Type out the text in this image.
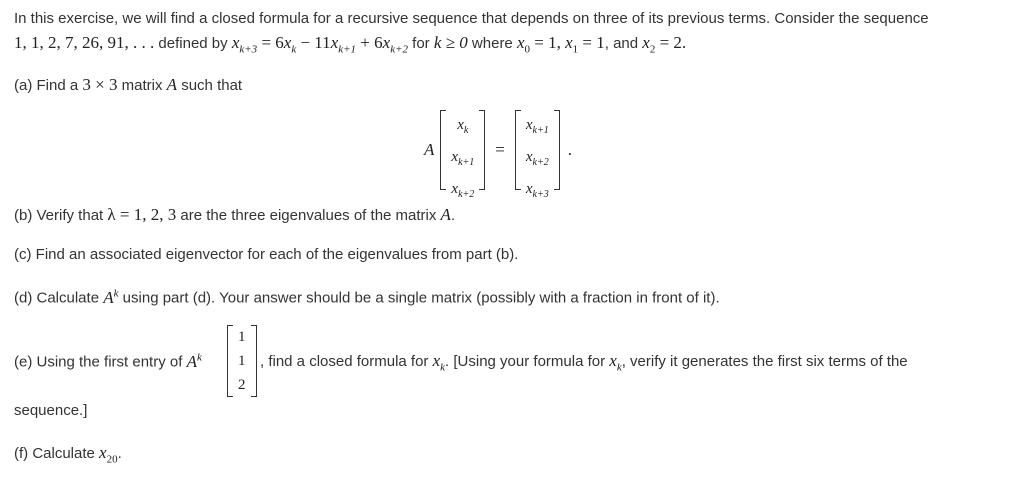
In this exercise, we will find a closed formula for a recursive sequence that depends on three of its previous terms. Consider the sequence
1, 1, 2, 7, 26, 91, . . . defined by $x_{k+3} = 6x_k - 11x_{k+1} + 6x_{k+2}$ for k ≥ 0 where $x_0 = 1$, $x_1 = 1$, and $x_2 = 2$.
(a) Find a 3 × 3 matrix A such that
A
$x_k$
$x_{k+1}$
$x_{k+2}$
=
$x_{k+1}$
$x_{k+2}$
$x_{k+3}$
.
(b) Verify that λ = 1, 2, 3 are the three eigenvalues of the matrix A.
(c) Find an associated eigenvector for each of the eigenvalues from part (b).
(d) Calculate $A^k$ using part (d). Your answer should be a single matrix (possibly with a fraction in front of it).
(e) Using the first entry of $A^k$
1
1
2
, find a closed formula for $x_k$. [Using your formula for $x_k$, verify it generates the first six terms of the
sequence.]
(f) Calculate $x_{20}$.
